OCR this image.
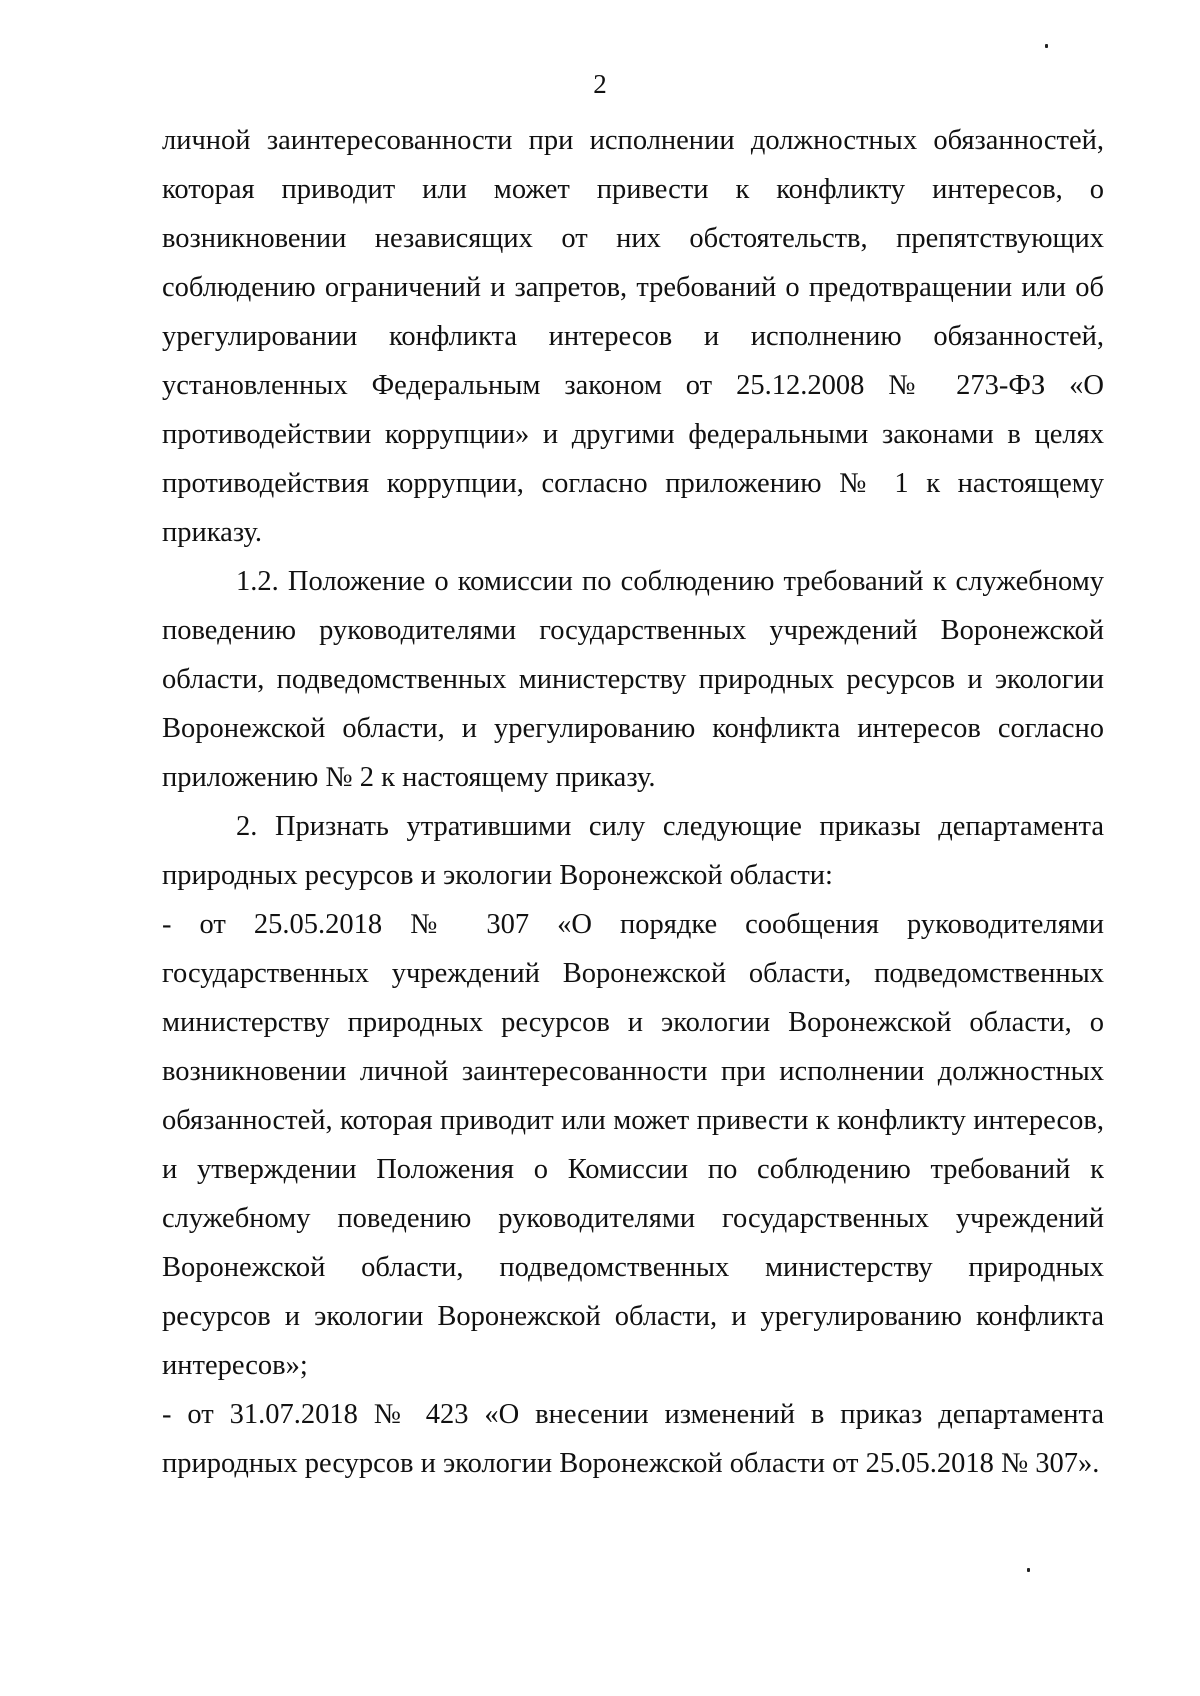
2

личной заинтересованности при исполнении должностных обязанностей, которая приводит или может привести к конфликту интересов, о возникновении независящих от них обстоятельств, препятствующих соблюдению ограничений и запретов, требований о предотвращении или об урегулировании конфликта интересов и исполнению обязанностей, установленных Федеральным законом от 25.12.2008 № 273-ФЗ «О противодействии коррупции» и другими федеральными законами в целях противодействия коррупции, согласно приложению № 1 к настоящему приказу.

1.2. Положение о комиссии по соблюдению требований к служебному поведению руководителями государственных учреждений Воронежской области, подведомственных министерству природных ресурсов и экологии Воронежской области, и урегулированию конфликта интересов согласно приложению № 2 к настоящему приказу.

2. Признать утратившими силу следующие приказы департамента природных ресурсов и экологии Воронежской области:

- от 25.05.2018 № 307 «О порядке сообщения руководителями государственных учреждений Воронежской области, подведомственных министерству природных ресурсов и экологии Воронежской области, о возникновении личной заинтересованности при исполнении должностных обязанностей, которая приводит или может привести к конфликту интересов, и утверждении Положения о Комиссии по соблюдению требований к служебному поведению руководителями государственных учреждений Воронежской области, подведомственных министерству природных ресурсов и экологии Воронежской области, и урегулированию конфликта интересов»;

- от 31.07.2018 № 423 «О внесении изменений в приказ департамента природных ресурсов и экологии Воронежской области от 25.05.2018 № 307».
